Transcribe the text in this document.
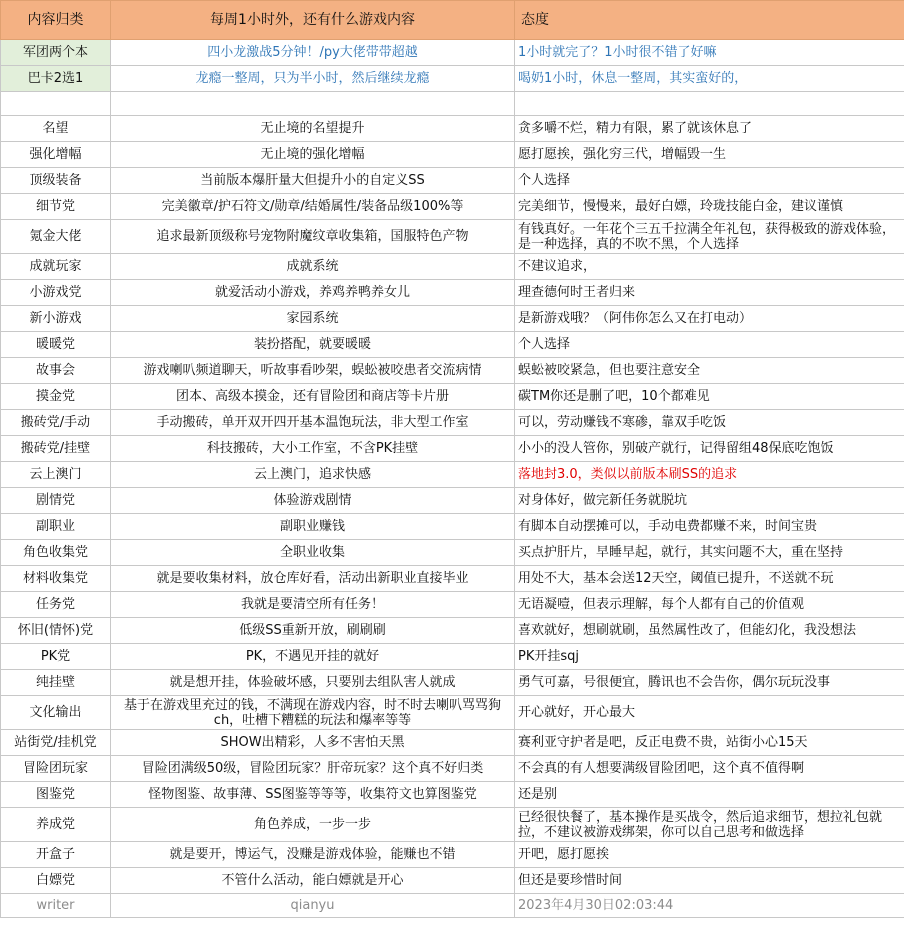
内容归类	每周1小时外，还有什么游戏内容	态度
军团两个本	四小龙激战5分钟！/py大佬带带超越	1小时就完了？1小时很不错了好嘛
巴卡2选1	龙瘾一整周，只为半小时，然后继续龙瘾	喝奶1小时，休息一整周，其实蛮好的，

名望	无止境的名望提升	贪多嚼不烂，精力有限，累了就该休息了
强化增幅	无止境的强化增幅	愿打愿挨，强化穷三代，增幅毁一生
顶级装备	当前版本爆肝量大但提升小的自定义SS	个人选择
细节党	完美徽章/护石符文/勋章/结婚属性/装备品级100%等	完美细节，慢慢来，最好白嫖，玲珑技能白金，建议谨慎
氪金大佬	追求最新顶级称号宠物附魔纹章收集箱，国服特色产物	有钱真好。一年花个三五千拉满全年礼包，获得极致的游戏体验，是一种选择，真的不吹不黑，个人选择
成就玩家	成就系统	不建议追求，
小游戏党	就爱活动小游戏，养鸡养鸭养女儿	理查德何时王者归来
新小游戏	家园系统	是新游戏哦？（阿伟你怎么又在打电动）
暖暖党	装扮搭配，就要暖暖	个人选择
故事会	游戏喇叭频道聊天，听故事看吵架，蜈蚣被咬患者交流病情	蜈蚣被咬紧急，但也要注意安全
摸金党	团本、高级本摸金，还有冒险团和商店等卡片册	碳TM你还是删了吧，10个都难见
搬砖党/手动	手动搬砖，单开双开四开基本温饱玩法，非大型工作室	可以，劳动赚钱不寒碜，靠双手吃饭
搬砖党/挂壁	科技搬砖，大小工作室，不含PK挂壁	小小的没人管你，别破产就行，记得留组48保底吃饱饭
云上澳门	云上澳门，追求快感	落地封3.0，类似以前版本刷SS的追求
剧情党	体验游戏剧情	对身体好，做完新任务就脱坑
副职业	副职业赚钱	有脚本自动摆摊可以，手动电费都赚不来，时间宝贵
角色收集党	全职业收集	买点护肝片，早睡早起，就行，其实问题不大，重在坚持
材料收集党	就是要收集材料，放仓库好看，活动出新职业直接毕业	用处不大，基本会送12天空，阈值已提升，不送就不玩
任务党	我就是要清空所有任务！	无语凝噎，但表示理解，每个人都有自己的价值观
怀旧(情怀)党	低级SS重新开放，刷刷刷	喜欢就好，想刷就刷，虽然属性改了，但能幻化，我没想法
PK党	PK，不遇见开挂的就好	PK开挂sqj
纯挂壁	就是想开挂，体验破坏感，只要别去组队害人就成	勇气可嘉，号很便宜，腾讯也不会告你，偶尔玩玩没事
文化输出	基于在游戏里充过的钱，不满现在游戏内容，时不时去喇叭骂骂狗ch，吐槽下糟糕的玩法和爆率等等	开心就好，开心最大
站街党/挂机党	SHOW出精彩，人多不害怕天黑	赛利亚守护者是吧，反正电费不贵，站街小心15天
冒险团玩家	冒险团满级50级，冒险团玩家？肝帝玩家？这个真不好归类	不会真的有人想要满级冒险团吧，这个真不值得啊
图鉴党	怪物图鉴、故事薄、SS图鉴等等等，收集符文也算图鉴党	还是别
养成党	角色养成，一步一步	已经很快餐了，基本操作是买战令，然后追求细节，想拉礼包就拉，不建议被游戏绑架，你可以自己思考和做选择
开盒子	就是要开，博运气，没赚是游戏体验，能赚也不错	开吧，愿打愿挨
白嫖党	不管什么活动，能白嫖就是开心	但还是要珍惜时间
writer	qianyu	2023年4月30日02:03:44
